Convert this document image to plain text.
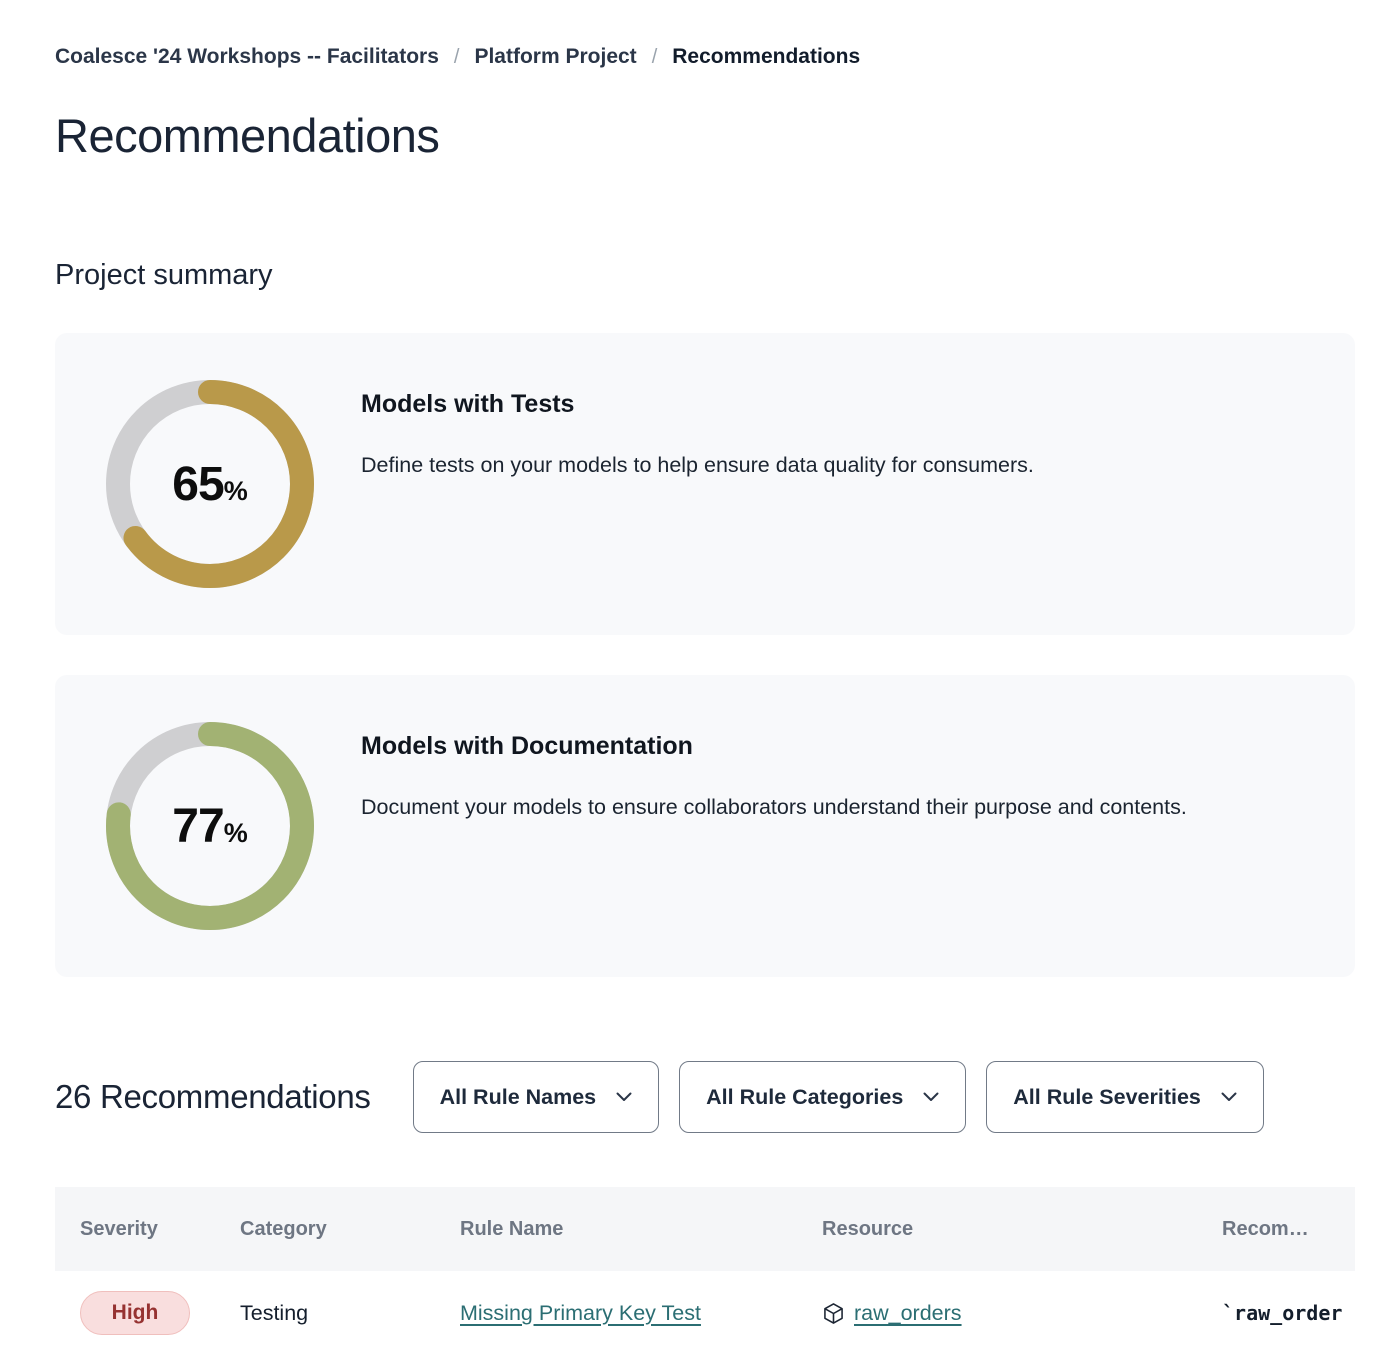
Coalesce '24 Workshops -- Facilitators / Platform Project / Recommendations
Recommendations
Project summary
65 %
Models with Tests
Define tests on your models to help ensure data quality for consumers.
77 %
Models with Documentation
Document your models to ensure collaborators understand their purpose and contents.
26 Recommendations	All Rule Names	All Rule Categories	All Rule Severities
Severity	Category	Rule Name	Resource	Recom…
High	Testing	Missing Primary Key Test	raw_orders	`raw_order
